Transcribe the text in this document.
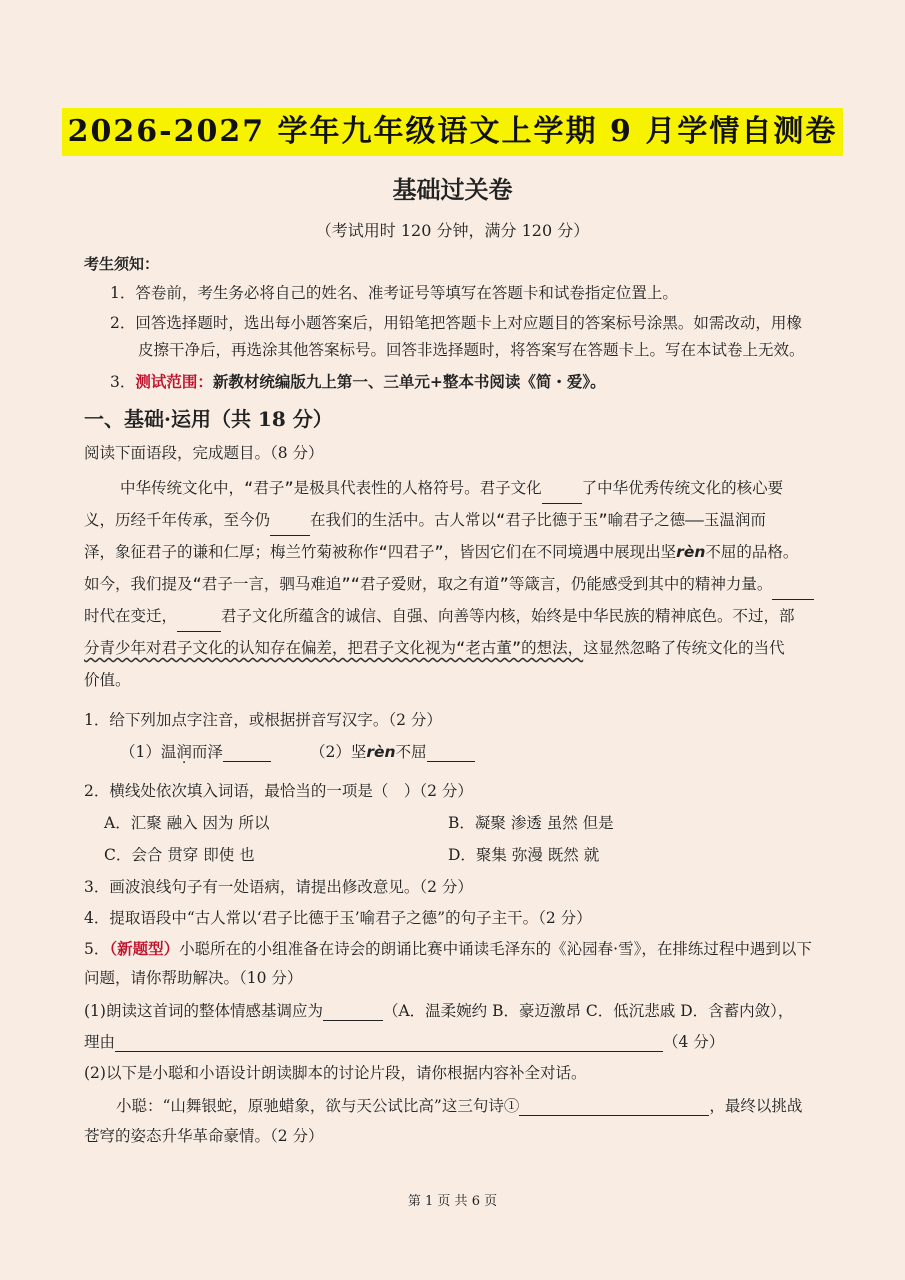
2026-2027 学年九年级语文上学期 9 月学情自测卷
基础过关卷
（考试用时 120 分钟，满分 120 分）
考生须知：
1．答卷前，考生务必将自己的姓名、准考证号等填写在答题卡和试卷指定位置上。
2．回答选择题时，选出每小题答案后，用铅笔把答题卡上对应题目的答案标号涂黑。如需改动，用橡
皮擦干净后，再选涂其他答案标号。回答非选择题时，将答案写在答题卡上。写在本试卷上无效。
3．测试范围：新教材统编版九上第一、三单元+整本书阅读《简・爱》。
一、基础·运用（共 18 分）
阅读下面语段，完成题目。（8 分）
中华传统文化中，“君子”是极具代表性的人格符号。君子文化	了中华优秀传统文化的核心要
义，历经千年传承，至今仍	在我们的生活中。古人常以“君子比德于玉”喻君子之德——玉温润而
泽，象征君子的谦和仁厚；梅兰竹菊被称作“四君子”，皆因它们在不同境遇中展现出坚rèn不屈的品格。
如今，我们提及“君子一言，驷马难追”“君子爱财，取之有道”等箴言，仍能感受到其中的精神力量。
时代在变迁，	君子文化所蕴含的诚信、自强、向善等内核，始终是中华民族的精神底色。不过，部
分青少年对君子文化的认知存在偏差，把君子文化视为“老古董”的想法，这显然忽略了传统文化的当代
价值。
1．给下列加点字注音，或根据拼音写汉字。（2 分）
（1）温润而泽	（2）坚rèn不屈
2．横线处依次填入词语，最恰当的一项是（　）（2 分）
A．汇聚 融入 因为 所以	B．凝聚 渗透 虽然 但是
C．会合 贯穿 即使 也	D．聚集 弥漫 既然 就
3．画波浪线句子有一处语病，请提出修改意见。（2 分）
4．提取语段中“古人常以‘君子比德于玉’喻君子之德”的句子主干。（2 分）
5．（新题型）小聪所在的小组准备在诗会的朗诵比赛中诵读毛泽东的《沁园春·雪》，在排练过程中遇到以下
问题，请你帮助解决。（10 分）
(1)朗读这首词的整体情感基调应为	（A．温柔婉约 B．豪迈激昂 C．低沉悲戚 D．含蓄内敛），
理由	（4 分）
(2)以下是小聪和小语设计朗读脚本的讨论片段，请你根据内容补全对话。
小聪：“山舞银蛇，原驰蜡象，欲与天公试比高”这三句诗①	，最终以挑战
苍穹的姿态升华革命豪情。（2 分）
第 1 页 共 6 页
